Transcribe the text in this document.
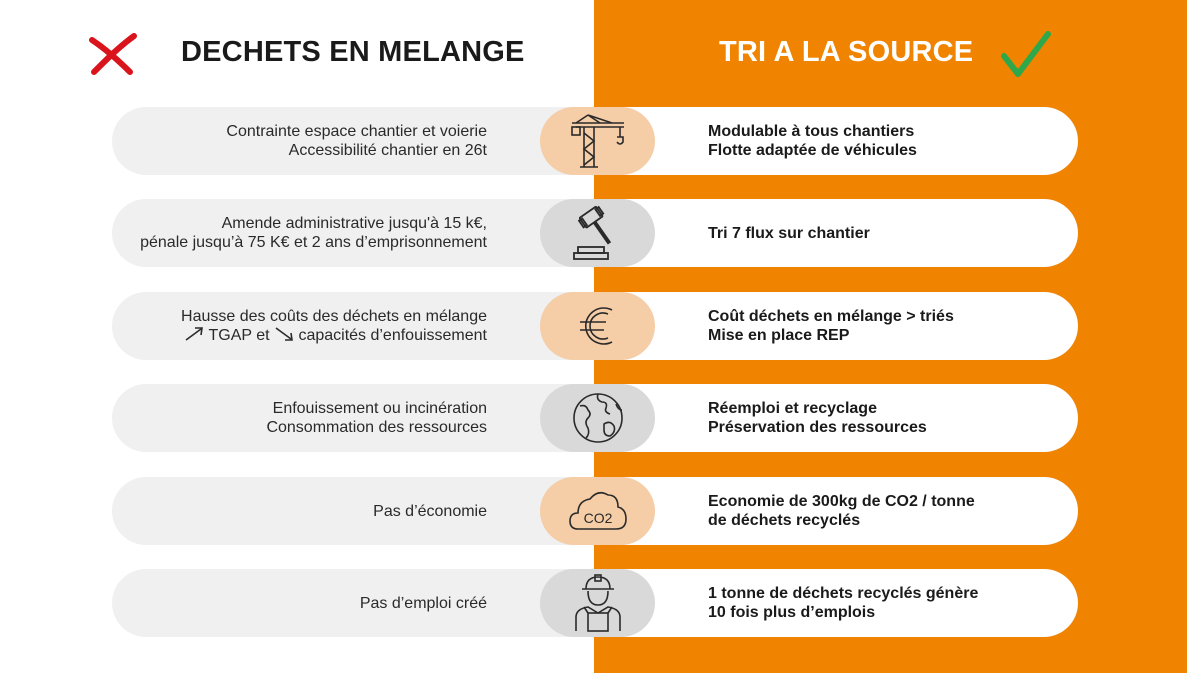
DECHETS EN MELANGE	TRI A LA SOURCE
Contrainte espace chantier et voierie
Accessibilité chantier en 26t
Modulable à tous chantiers
Flotte adaptée de véhicules
Amende administrative jusqu'à 15 k€,
pénale jusqu’à 75 K€ et 2 ans d’emprisonnement
Tri 7 flux sur chantier
Hausse des coûts des déchets en mélange
TGAP et capacités d’enfouissement
Coût déchets en mélange > triés
Mise en place REP
Enfouissement ou incinération
Consommation des ressources
Réemploi et recyclage
Préservation des ressources
Pas d’économie	CO2
Economie de 300kg de CO2 / tonne
de déchets recyclés
Pas d’emploi créé
1 tonne de déchets recyclés génère
10 fois plus d’emplois
